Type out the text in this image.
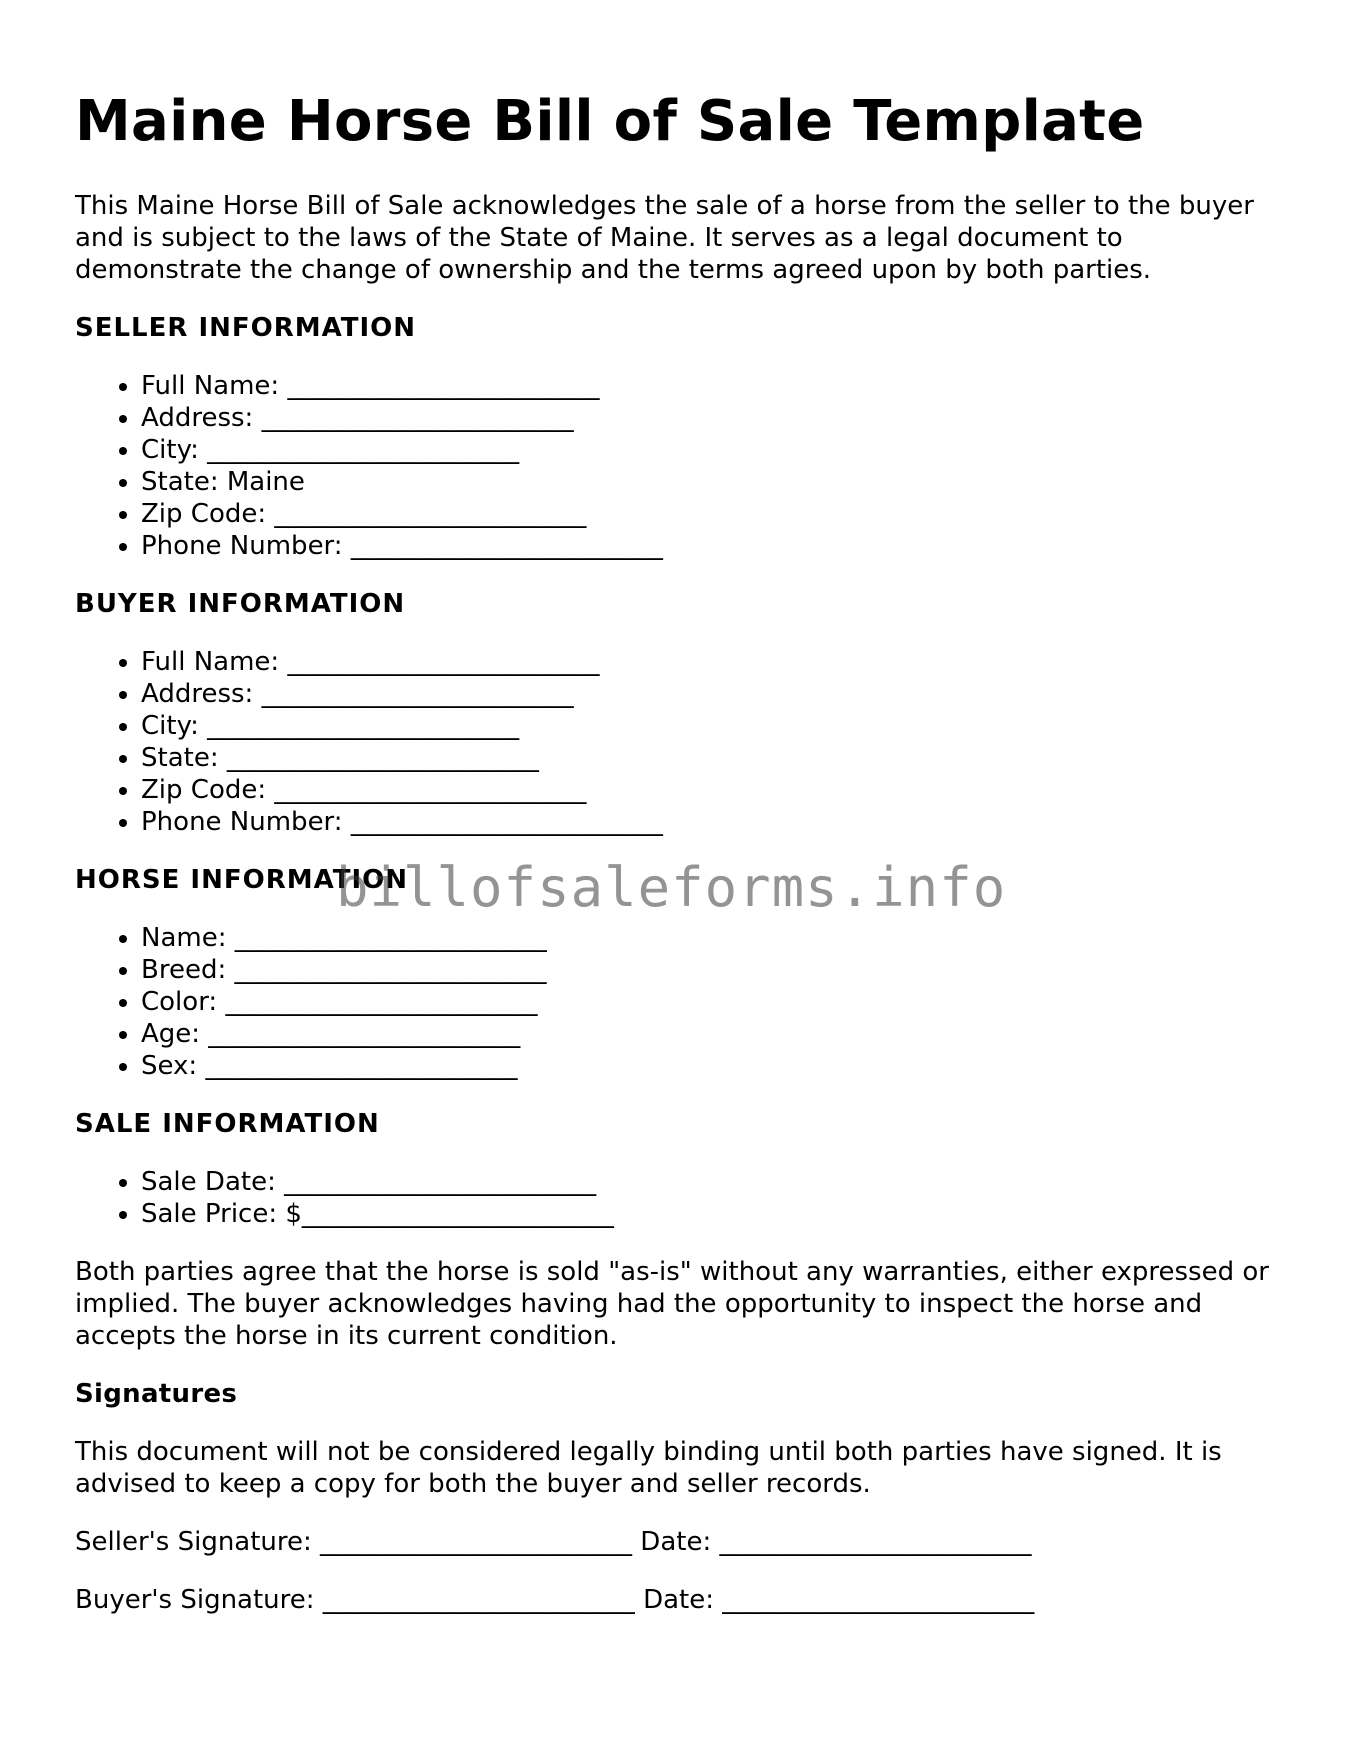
Maine Horse Bill of Sale Template

This Maine Horse Bill of Sale acknowledges the sale of a horse from the seller to the buyer and is subject to the laws of the State of Maine. It serves as a legal document to demonstrate the change of ownership and the terms agreed upon by both parties.

SELLER INFORMATION
• Full Name: ________________________
• Address: ________________________
• City: ________________________
• State: Maine
• Zip Code: ________________________
• Phone Number: ________________________
BUYER INFORMATION
• Full Name: ________________________
• Address: ________________________
• City: ________________________
• State: ________________________
• Zip Code: ________________________
• Phone Number: ________________________
HORSE INFORMATION
• Name: ________________________
• Breed: ________________________
• Color: ________________________
• Age: ________________________
• Sex: ________________________
SALE INFORMATION
• Sale Date: ________________________
• Sale Price: $________________________

Both parties agree that the horse is sold "as-is" without any warranties, either expressed or implied. The buyer acknowledges having had the opportunity to inspect the horse and accepts the horse in its current condition.

Signatures

This document will not be considered legally binding until both parties have signed. It is advised to keep a copy for both the buyer and seller records.

Seller's Signature: ________________________ Date: ________________________
Buyer's Signature: ________________________ Date: ________________________
billofsaleforms.info
